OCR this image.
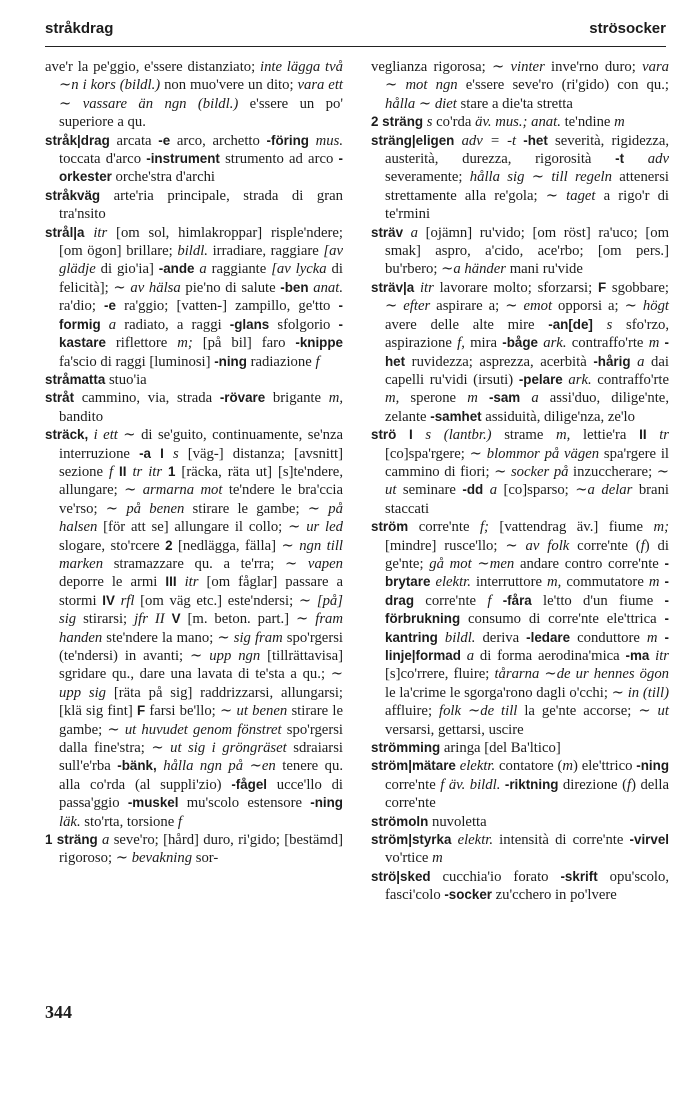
stråkdrag	strösocker

ave'r la pe'ggio, e'ssere distanziato; inte lägga två ∼n i kors (bildl.) non muo'vere un dito; vara ett ∼ vassare än ngn (bildl.) e'ssere un po' superiore a qu.

stråk|drag arcata -e arco, archetto -föring mus. toccata d'arco -instrument strumento ad arco -orkester orche'stra d'archi

stråkväg arte'ria principale, strada di gran tra'nsito

strål|a itr [om sol, himlakroppar] risple'ndere; [om ögon] brillare; bildl. irradiare, raggiare [av glädje di gio'ia] -ande a raggiante [av lycka di felicità]; ∼ av hälsa pie'no di salute -ben anat. ra'dio; -e ra'ggio; [vatten-] zampillo, ge'tto -formig a radiato, a raggi -glans sfolgorio -kastare riflettore m; [på bil] faro -knippe fa'scio di raggi [luminosi] -ning radiazione f

stråmatta stuo'ia

stråt cammino, via, strada -rövare brigante m, bandito

sträck, i ett ∼ di se'guito, continuamente, se'nza interruzione -a I s [väg-] distanza; [avsnitt] sezione f II tr itr 1 [räcka, räta ut] [s]te'ndere, allungare; ∼ armarna mot te'ndere le bra'ccia ve'rso; ∼ på benen stirare le gambe; ∼ på halsen [för att se] allungare il collo; ∼ ur led slogare, sto'rcere 2 [nedlägga, fälla] ∼ ngn till marken stramazzare qu. a te'rra; ∼ vapen deporre le armi III itr [om fåglar] passare a stormi IV rfl [om väg etc.] este'ndersi; ∼ [på] sig stirarsi; jfr II V [m. beton. part.] ∼ fram handen ste'ndere la mano; ∼ sig fram spo'rgersi (te'ndersi) in avanti; ∼ upp ngn [tillrättavisa] sgridare qu., dare una lavata di te'sta a qu.; ∼ upp sig [räta på sig] raddrizzarsi, allungarsi; [klä sig fint] F farsi be'llo; ∼ ut benen stirare le gambe; ∼ ut huvudet genom fönstret spo'rgersi dalla fine'stra; ∼ ut sig i gröngräset sdraiarsi sull'e'rba -bänk, hålla ngn på ∼en tenere qu. alla co'rda (al suppli'zio) -fågel ucce'llo di passa'ggio -muskel mu'scolo estensore -ning läk. sto'rta, torsione f

1 sträng a seve'ro; [hård] duro, ri'gido; [bestämd] rigoroso; ∼ bevakning sor-

veglianza rigorosa; ∼ vinter inve'rno duro; vara ∼ mot ngn e'ssere seve'ro (ri'gido) con qu.; hålla ∼ diet stare a die'ta stretta

2 sträng s co'rda äv. mus.; anat. te'ndine m

sträng|eligen adv = -t -het severità, rigidezza, austerità, durezza, rigorosità -t adv severamente; hålla sig ∼ till regeln attenersi strettamente alla re'gola; ∼ taget a rigo'r di te'rmini

sträv a [ojämn] ru'vido; [om röst] ra'uco; [om smak] aspro, a'cido, ace'rbo; [om pers.] bu'rbero; ∼a händer mani ru'vide

sträv|a itr lavorare molto; sforzarsi; F sgobbare; ∼ efter aspirare a; ∼ emot opporsi a; ∼ högt avere delle alte mire -an[de] s sfo'rzo, aspirazione f, mira -båge ark. contraffo'rte m -het ruvidezza; asprezza, acerbità -hårig a dai capelli ru'vidi (irsuti) -pelare ark. contraffo'rte m, sperone m -sam a assi'duo, dilige'nte, zelante -samhet assiduità, dilige'nza, ze'lo

strö I s (lantbr.) strame m, lettie'ra II tr [co]spa'rgere; ∼ blommor på vägen spa'rgere il cammino di fiori; ∼ socker på inzuccherare; ∼ ut seminare -dd a [co]sparso; ∼a delar brani staccati

ström corre'nte f; [vattendrag äv.] fiume m; [mindre] rusce'llo; ∼ av folk corre'nte (f) di ge'nte; gå mot ∼men andare contro corre'nte -brytare elektr. interruttore m, commutatore m -drag corre'nte f -fåra le'tto d'un fiume -förbrukning consumo di corre'nte ele'ttrica -kantring bildl. deriva -ledare conduttore m -linje|formad a di forma aerodina'mica -ma itr [s]co'rrere, fluire; tårarna ∼de ur hennes ögon le la'crime le sgorga'rono dagli o'cchi; ∼ in (till) affluire; folk ∼de till la ge'nte accorse; ∼ ut versarsi, gettarsi, uscire

strömming aringa [del Ba'ltico]

ström|mätare elektr. contatore (m) ele'ttrico -ning corre'nte f äv. bildl. -riktning direzione (f) della corre'nte

strömoln nuvoletta

ström|styrka elektr. intensità di corre'nte -virvel vo'rtice m

strö|sked cucchia'io forato -skrift opu'scolo, fasci'colo -socker zu'cchero in po'lvere

344
